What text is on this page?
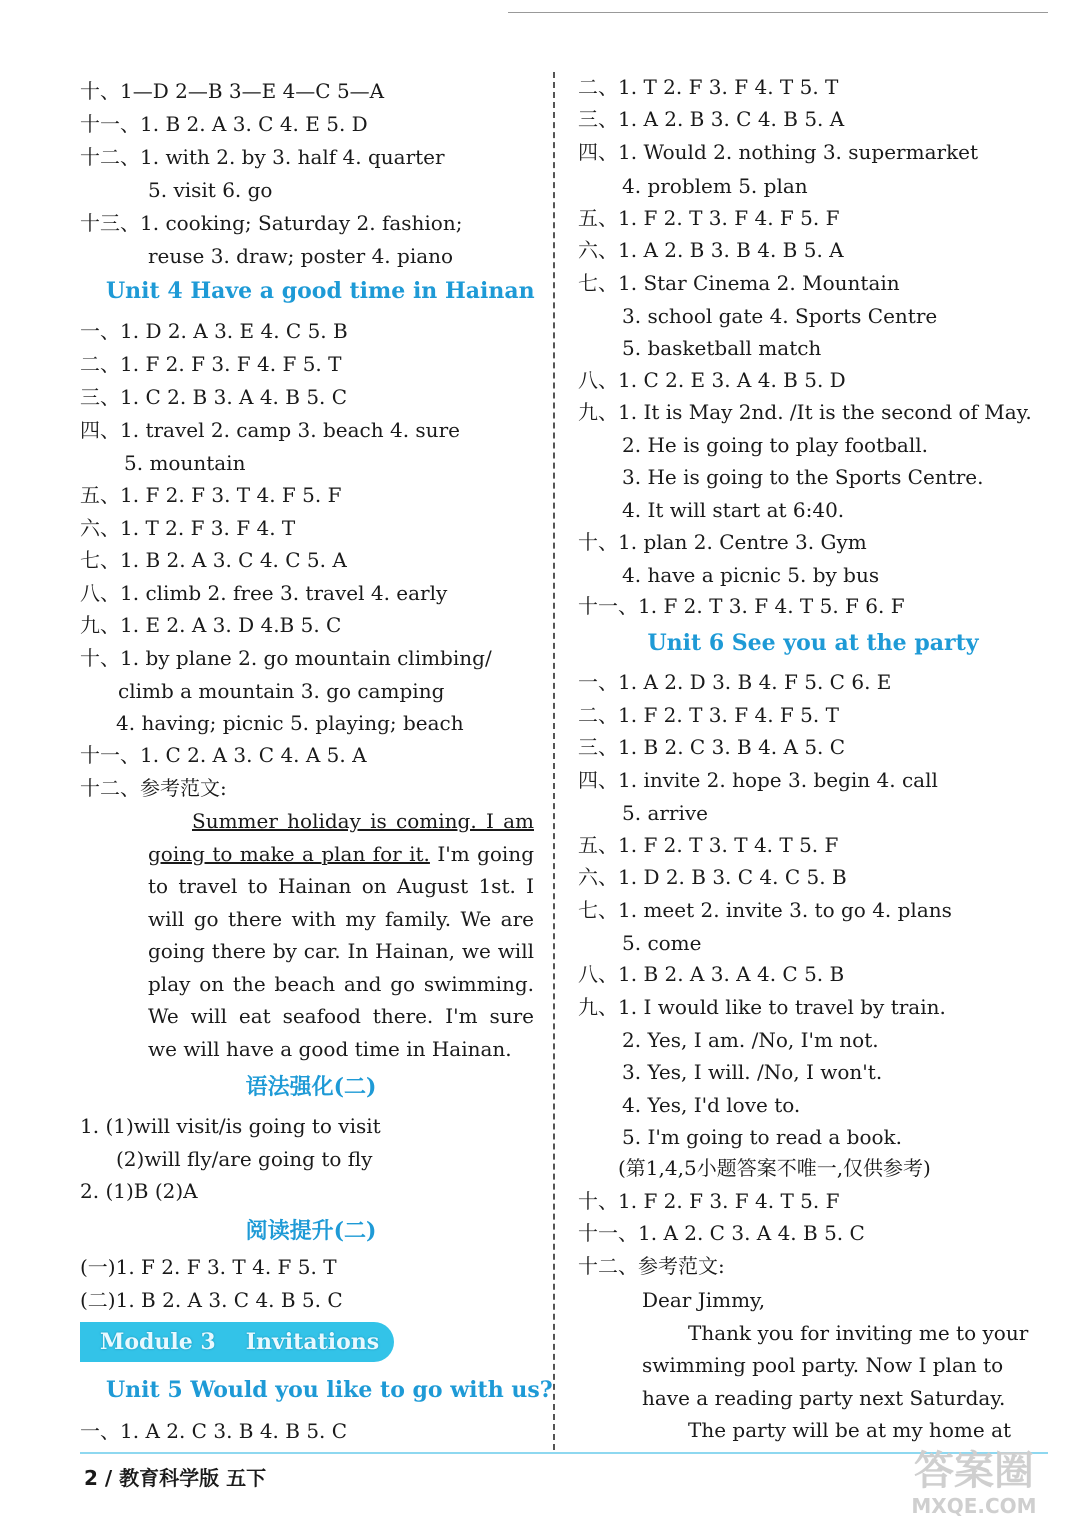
十、1—D 2—B 3—E 4—C 5—A
十一、1. B 2. A 3. C 4. E 5. D
十二、1. with 2. by 3. half 4. quarter
5. visit 6. go
十三、1. cooking; Saturday 2. fashion;
reuse 3. draw; poster 4. piano
Unit 4 Have a good time in Hainan
一、1. D 2. A 3. E 4. C 5. B
二、1. F 2. F 3. F 4. F 5. T
三、1. C 2. B 3. A 4. B 5. C
四、1. travel 2. camp 3. beach 4. sure
5. mountain
五、1. F 2. F 3. T 4. F 5. F
六、1. T 2. F 3. F 4. T
七、1. B 2. A 3. C 4. C 5. A
八、1. climb 2. free 3. travel 4. early
九、1. E 2. A 3. D 4.B 5. C
十、1. by plane 2. go mountain climbing/
climb a mountain 3. go camping
4. having; picnic 5. playing; beach
十一、1. C 2. A 3. C 4. A 5. A
十二、参考范文:
Summer holiday is coming. I am going to make a plan for it. I'm going to travel to Hainan on August 1st. I will go there with my family. We are going there by car. In Hainan, we will play on the beach and go swimming. We will eat seafood there. I'm sure we will have a good time in Hainan.
语法强化(二)
1. (1)will visit/is going to visit
(2)will fly/are going to fly
2. (1)B (2)A
阅读提升(二)
(一)1. F 2. F 3. T 4. F 5. T
(二)1. B 2. A 3. C 4. B 5. C
Module 3 Invitations
Unit 5 Would you like to go with us?
一、1. A 2. C 3. B 4. B 5. C
二、1. T 2. F 3. F 4. T 5. T
三、1. A 2. B 3. C 4. B 5. A
四、1. Would 2. nothing 3. supermarket
4. problem 5. plan
五、1. F 2. T 3. F 4. F 5. F
六、1. A 2. B 3. B 4. B 5. A
七、1. Star Cinema 2. Mountain
3. school gate 4. Sports Centre
5. basketball match
八、1. C 2. E 3. A 4. B 5. D
九、1. It is May 2nd. /It is the second of May.
2. He is going to play football.
3. He is going to the Sports Centre.
4. It will start at 6:40.
十、1. plan 2. Centre 3. Gym
4. have a picnic 5. by bus
十一、1. F 2. T 3. F 4. T 5. F 6. F
Unit 6 See you at the party
一、1. A 2. D 3. B 4. F 5. C 6. E
二、1. F 2. T 3. F 4. F 5. T
三、1. B 2. C 3. B 4. A 5. C
四、1. invite 2. hope 3. begin 4. call
5. arrive
五、1. F 2. T 3. T 4. T 5. F
六、1. D 2. B 3. C 4. C 5. B
七、1. meet 2. invite 3. to go 4. plans
5. come
八、1. B 2. A 3. A 4. C 5. B
九、1. I would like to travel by train.
2. Yes, I am. /No, I'm not.
3. Yes, I will. /No, I won't.
4. Yes, I'd love to.
5. I'm going to read a book.
(第1,4,5小题答案不唯一,仅供参考)
十、1. F 2. F 3. F 4. T 5. F
十一、1. A 2. C 3. A 4. B 5. C
十二、参考范文:
Dear Jimmy,
Thank you for inviting me to your swimming pool party. Now I plan to have a reading party next Saturday.
The party will be at my home at
2 / 教育科学版 五下	答案圈
MXQE.COM
